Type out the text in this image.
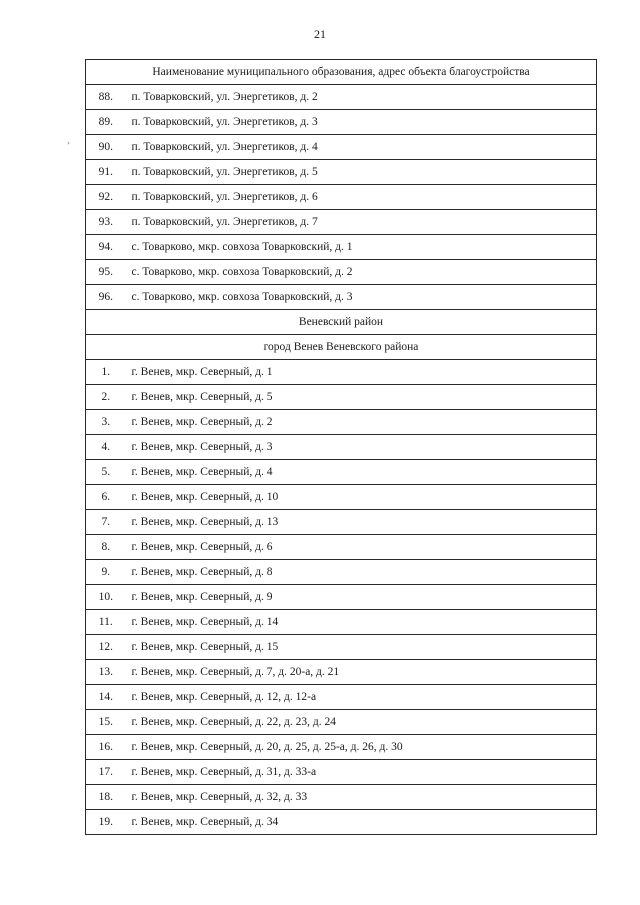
21
ʼ
Наименование муниципального образования, адрес объекта благоустройства	
88.	п. Товарковский, ул. Энергетиков, д. 2
89.	п. Товарковский, ул. Энергетиков, д. 3
90.	п. Товарковский, ул. Энергетиков, д. 4
91.	п. Товарковский, ул. Энергетиков, д. 5
92.	п. Товарковский, ул. Энергетиков, д. 6
93.	п. Товарковский, ул. Энергетиков, д. 7
94.	с. Товарково, мкр. совхоза Товарковский, д. 1
95.	с. Товарково, мкр. совхоза Товарковский, д. 2
96.	с. Товарково, мкр. совхоза Товарковский, д. 3
Веневский район	
город Венев Веневского района	
1.	г. Венев, мкр. Северный, д. 1
2.	г. Венев, мкр. Северный, д. 5
3.	г. Венев, мкр. Северный, д. 2
4.	г. Венев, мкр. Северный, д. 3
5.	г. Венев, мкр. Северный, д. 4
6.	г. Венев, мкр. Северный, д. 10
7.	г. Венев, мкр. Северный, д. 13
8.	г. Венев, мкр. Северный, д. 6
9.	г. Венев, мкр. Северный, д. 8
10.	г. Венев, мкр. Северный, д. 9
11.	г. Венев, мкр. Северный, д. 14
12.	г. Венев, мкр. Северный, д. 15
13.	г. Венев, мкр. Северный, д. 7, д. 20-а, д. 21
14.	г. Венев, мкр. Северный, д. 12, д. 12-а
15.	г. Венев, мкр. Северный, д. 22, д. 23, д. 24
16.	г. Венев, мкр. Северный, д. 20, д. 25, д. 25-а, д. 26, д. 30
17.	г. Венев, мкр. Северный, д. 31, д. 33-а
18.	г. Венев, мкр. Северный, д. 32, д. 33
19.	г. Венев, мкр. Северный, д. 34
